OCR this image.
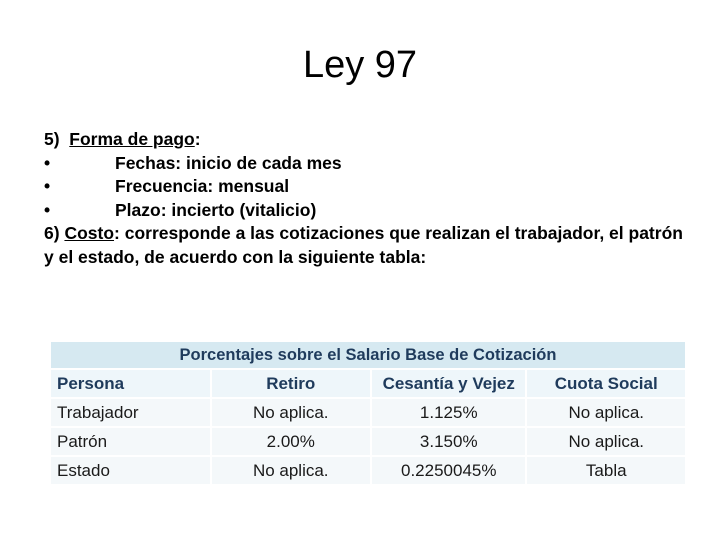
Ley 97
5)  Forma de pago:
•	Fechas: inicio de cada mes
•	Frecuencia: mensual
•	Plazo: incierto (vitalicio)
6) Costo: corresponde a las cotizaciones que realizan el trabajador, el patrón y el estado, de acuerdo con la siguiente tabla:
Porcentajes sobre el Salario Base de Cotización			
Persona	Retiro	Cesantía y Vejez	Cuota Social
Trabajador	No aplica.	1.125%	No aplica.
Patrón	2.00%	3.150%	No aplica.
Estado	No aplica.	0.2250045%	Tabla
